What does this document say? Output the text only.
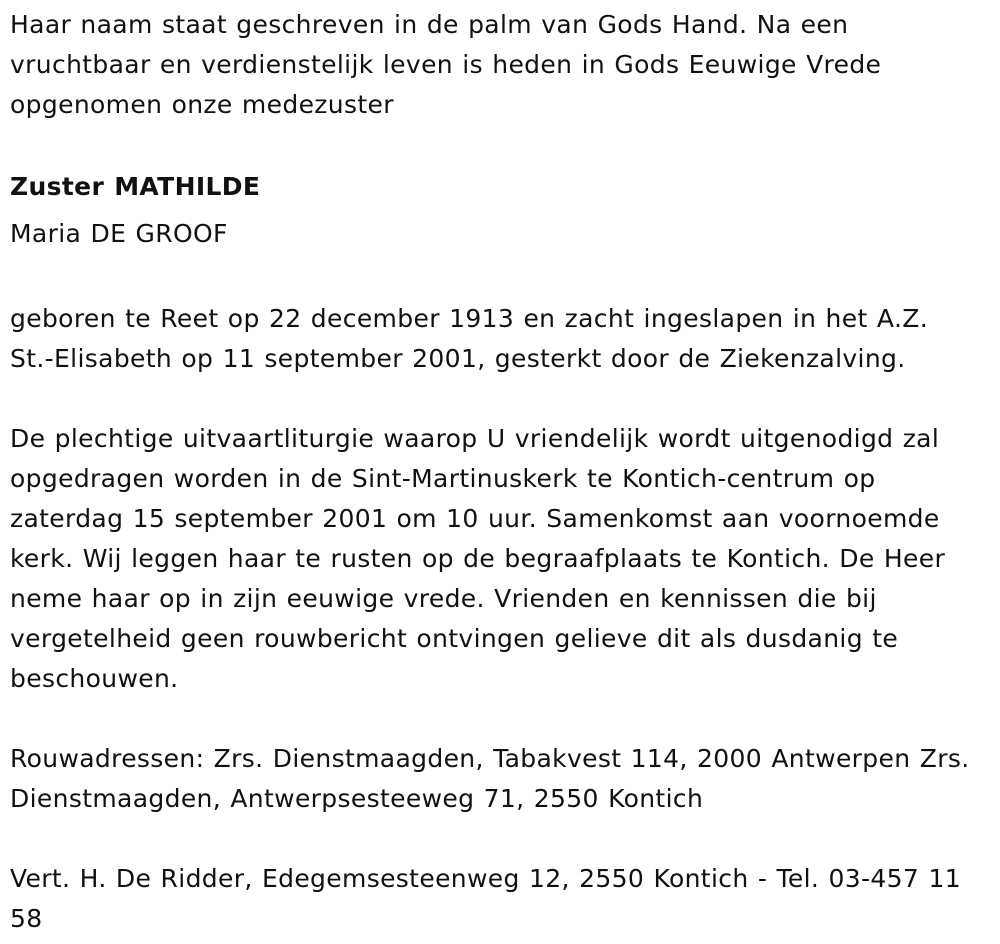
Haar naam staat geschreven in de palm van Gods Hand. Na een
vruchtbaar en verdienstelijk leven is heden in Gods Eeuwige Vrede
opgenomen onze medezuster

Zuster MATHILDE

Maria DE GROOF

geboren te Reet op 22 december 1913 en zacht ingeslapen in het A.Z.
St.-Elisabeth op 11 september 2001, gesterkt door de Ziekenzalving.

De plechtige uitvaartliturgie waarop U vriendelijk wordt uitgenodigd zal
opgedragen worden in de Sint-Martinuskerk te Kontich-centrum op
zaterdag 15 september 2001 om 10 uur. Samenkomst aan voornoemde
kerk. Wij leggen haar te rusten op de begraafplaats te Kontich. De Heer
neme haar op in zijn eeuwige vrede. Vrienden en kennissen die bij
vergetelheid geen rouwbericht ontvingen gelieve dit als dusdanig te
beschouwen.

Rouwadressen: Zrs. Dienstmaagden, Tabakvest 114, 2000 Antwerpen Zrs.
Dienstmaagden, Antwerpsesteeweg 71, 2550 Kontich

Vert. H. De Ridder, Edegemsesteenweg 12, 2550 Kontich - Tel. 03-457 11
58
